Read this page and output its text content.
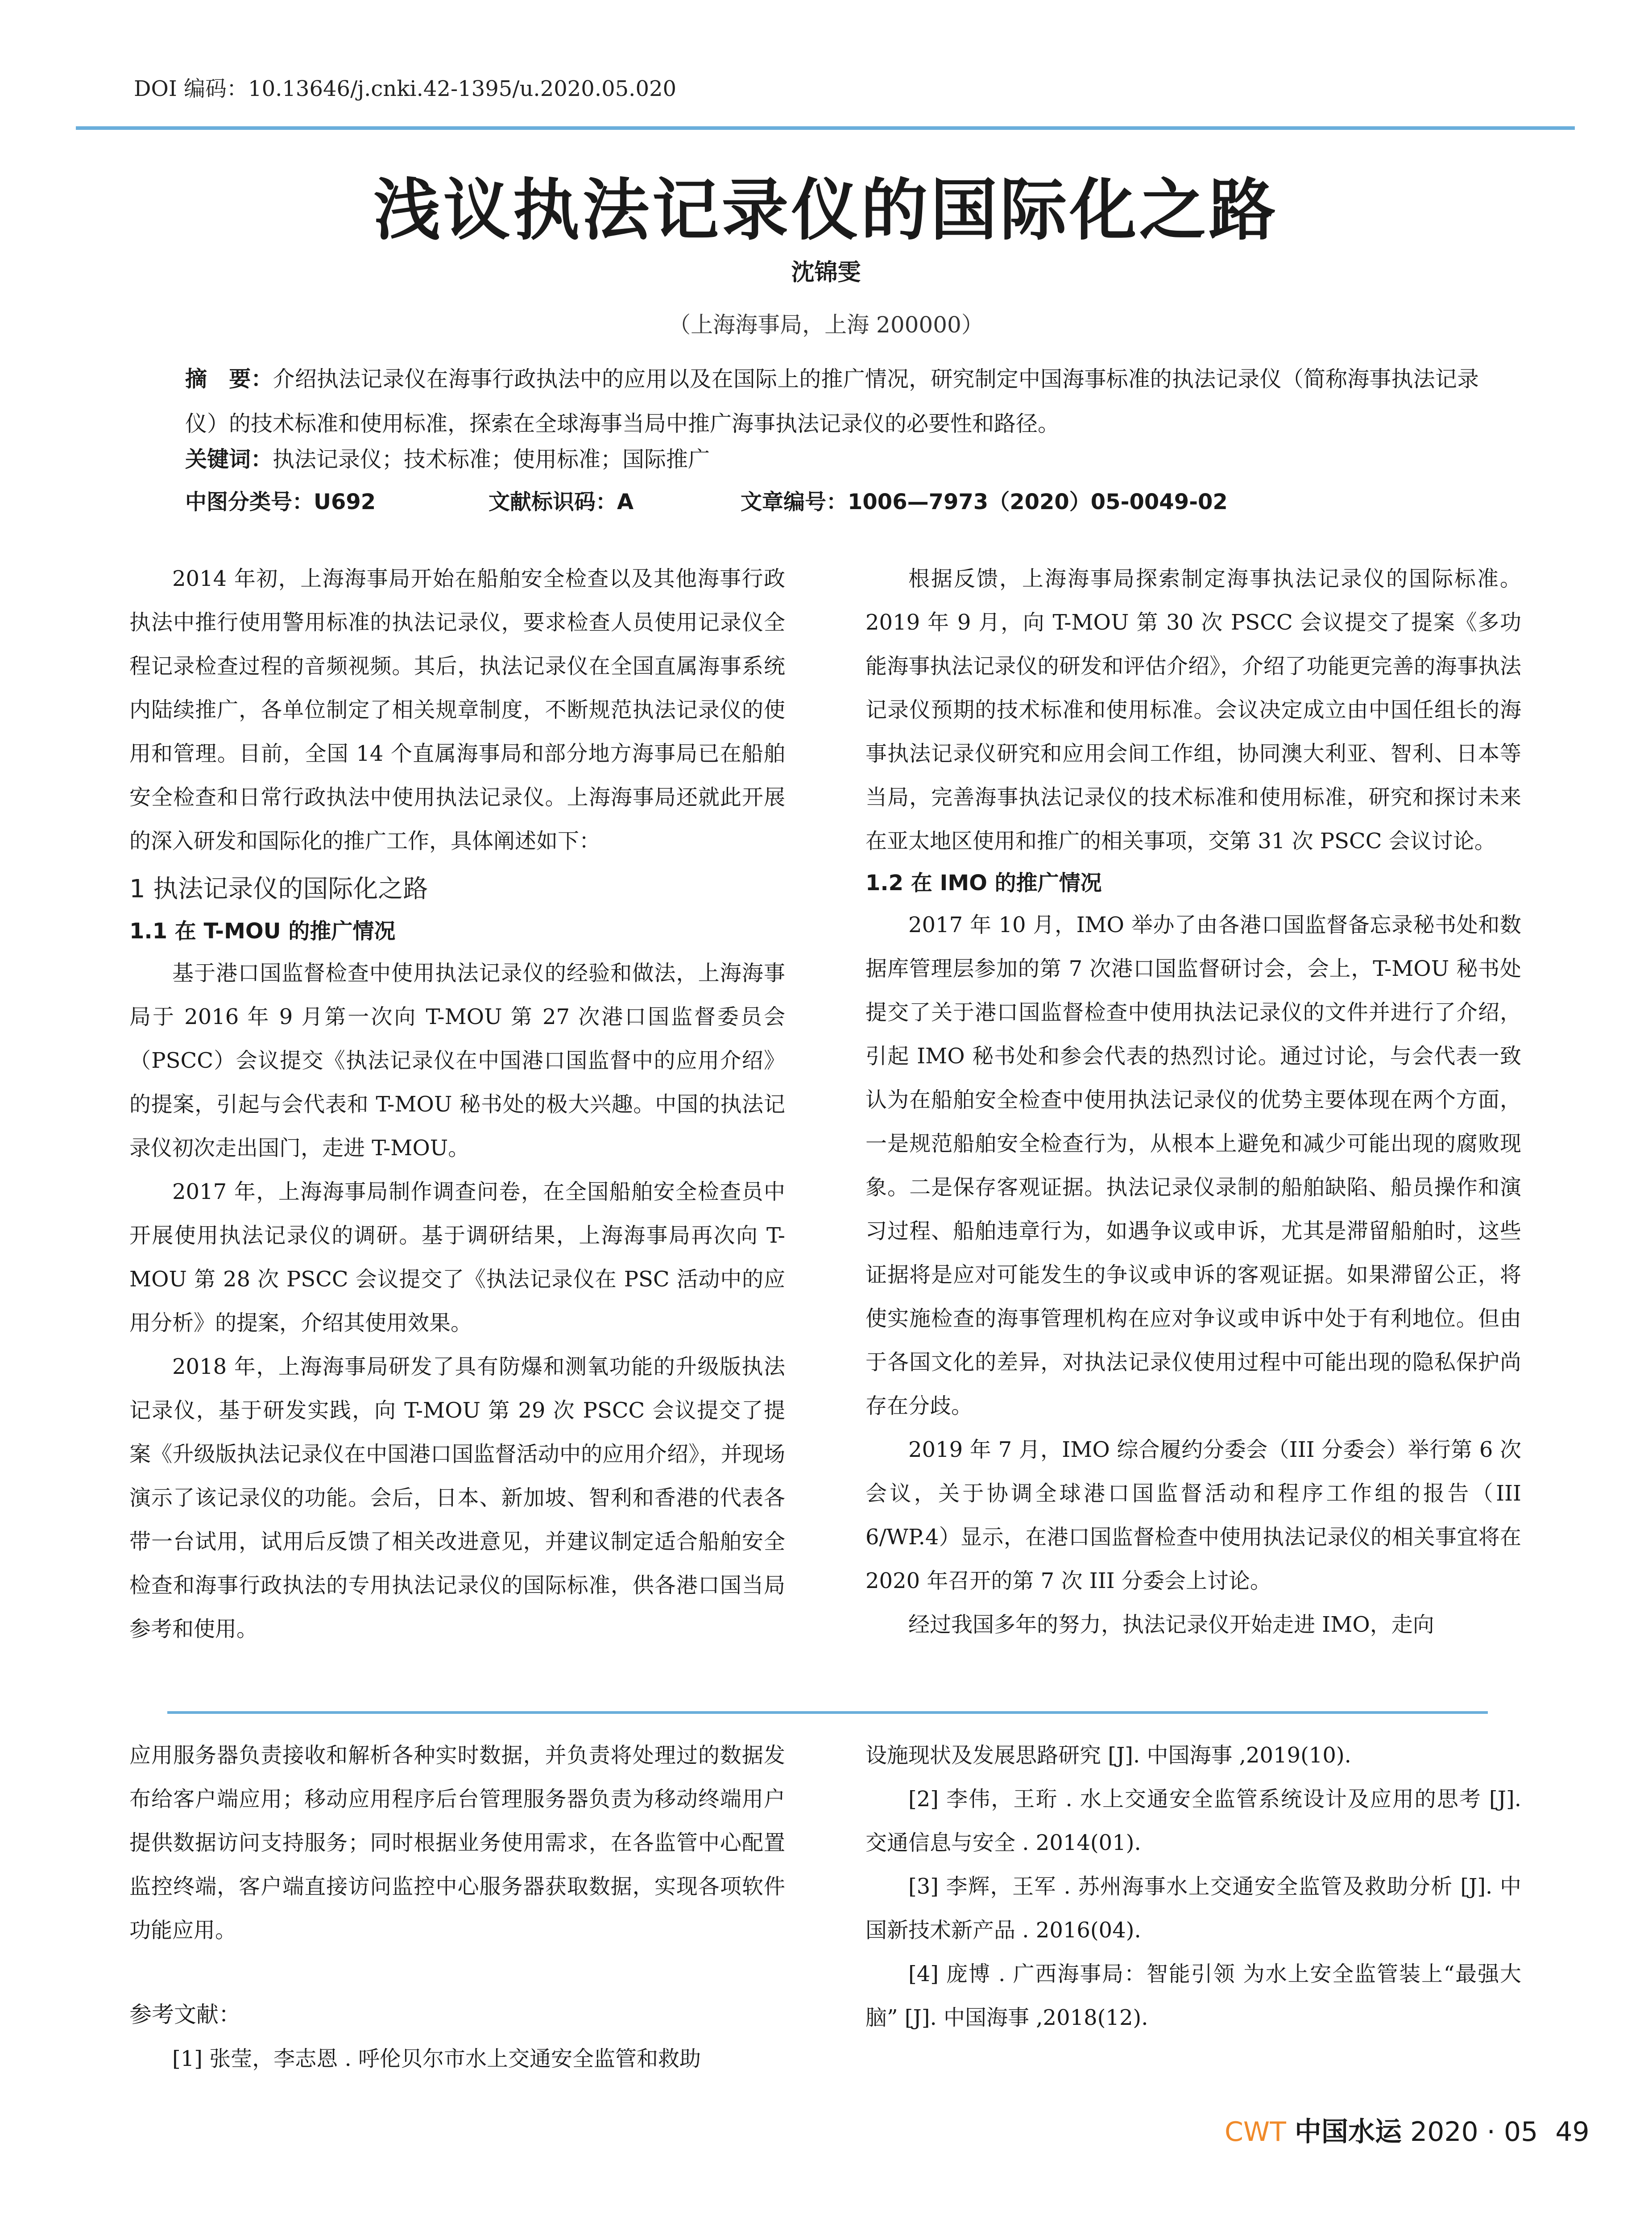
DOI 编码：10.13646/j.cnki.42-1395/u.2020.05.020
浅议执法记录仪的国际化之路
沈锦雯
（上海海事局，上海 200000）
摘　要：介绍执法记录仪在海事行政执法中的应用以及在国际上的推广情况，研究制定中国海事标准的执法记录仪（简称海事执法记录仪）的技术标准和使用标准，探索在全球海事当局中推广海事执法记录仪的必要性和路径。
关键词：执法记录仪；技术标准；使用标准；国际推广
中图分类号：U692	文献标识码：A	文章编号：1006—7973（2020）05-0049-02

2014 年初，上海海事局开始在船舶安全检查以及其他海事行政执法中推行使用警用标准的执法记录仪，要求检查人员使用记录仪全程记录检查过程的音频视频。其后，执法记录仪在全国直属海事系统内陆续推广，各单位制定了相关规章制度，不断规范执法记录仪的使用和管理。目前，全国 14 个直属海事局和部分地方海事局已在船舶安全检查和日常行政执法中使用执法记录仪。上海海事局还就此开展的深入研发和国际化的推广工作，具体阐述如下：

1 执法记录仪的国际化之路
1.1 在 T-MOU 的推广情况

基于港口国监督检查中使用执法记录仪的经验和做法，上海海事局于 2016 年 9 月第一次向 T-MOU 第 27 次港口国监督委员会（PSCC）会议提交《执法记录仪在中国港口国监督中的应用介绍》的提案，引起与会代表和 T-MOU 秘书处的极大兴趣。中国的执法记录仪初次走出国门，走进 T-MOU。

2017 年，上海海事局制作调查问卷，在全国船舶安全检查员中开展使用执法记录仪的调研。基于调研结果，上海海事局再次向 T-MOU 第 28 次 PSCC 会议提交了《执法记录仪在 PSC 活动中的应用分析》的提案，介绍其使用效果。

2018 年，上海海事局研发了具有防爆和测氧功能的升级版执法记录仪，基于研发实践，向 T-MOU 第 29 次 PSCC 会议提交了提案《升级版执法记录仪在中国港口国监督活动中的应用介绍》，并现场演示了该记录仪的功能。会后，日本、新加坡、智利和香港的代表各带一台试用，试用后反馈了相关改进意见，并建议制定适合船舶安全检查和海事行政执法的专用执法记录仪的国际标准，供各港口国当局参考和使用。

根据反馈，上海海事局探索制定海事执法记录仪的国际标准。2019 年 9 月，向 T-MOU 第 30 次 PSCC 会议提交了提案《多功能海事执法记录仪的研发和评估介绍》，介绍了功能更完善的海事执法记录仪预期的技术标准和使用标准。会议决定成立由中国任组长的海事执法记录仪研究和应用会间工作组，协同澳大利亚、智利、日本等当局，完善海事执法记录仪的技术标准和使用标准，研究和探讨未来在亚太地区使用和推广的相关事项，交第 31 次 PSCC 会议讨论。

1.2 在 IMO 的推广情况

2017 年 10 月，IMO 举办了由各港口国监督备忘录秘书处和数据库管理层参加的第 7 次港口国监督研讨会，会上，T-MOU 秘书处提交了关于港口国监督检查中使用执法记录仪的文件并进行了介绍，引起 IMO 秘书处和参会代表的热烈讨论。通过讨论，与会代表一致认为在船舶安全检查中使用执法记录仪的优势主要体现在两个方面，一是规范船舶安全检查行为，从根本上避免和减少可能出现的腐败现象。二是保存客观证据。执法记录仪录制的船舶缺陷、船员操作和演习过程、船舶违章行为，如遇争议或申诉，尤其是滞留船舶时，这些证据将是应对可能发生的争议或申诉的客观证据。如果滞留公正，将使实施检查的海事管理机构在应对争议或申诉中处于有利地位。但由于各国文化的差异，对执法记录仪使用过程中可能出现的隐私保护尚存在分歧。

2019 年 7 月，IMO 综合履约分委会（III 分委会）举行第 6 次会议，关于协调全球港口国监督活动和程序工作组的报告（III 6/WP.4）显示，在港口国监督检查中使用执法记录仪的相关事宜将在 2020 年召开的第 7 次 III 分委会上讨论。

经过我国多年的努力，执法记录仪开始走进 IMO，走向

应用服务器负责接收和解析各种实时数据，并负责将处理过的数据发布给客户端应用；移动应用程序后台管理服务器负责为移动终端用户提供数据访问支持服务；同时根据业务使用需求，在各监管中心配置监控终端，客户端直接访问监控中心服务器获取数据，实现各项软件功能应用。

参考文献：

[1] 张莹，李志恩 . 呼伦贝尔市水上交通安全监管和救助

设施现状及发展思路研究 [J]. 中国海事 ,2019(10).

[2] 李伟，王珩 . 水上交通安全监管系统设计及应用的思考 [J]. 交通信息与安全 . 2014(01).

[3] 李辉，王军 . 苏州海事水上交通安全监管及救助分析 [J]. 中国新技术新产品 . 2016(04).

[4] 庞博 . 广西海事局：智能引领 为水上安全监管装上“最强大脑” [J]. 中国海事 ,2018(12).

CWT 中国水运 2020 · 05 49
